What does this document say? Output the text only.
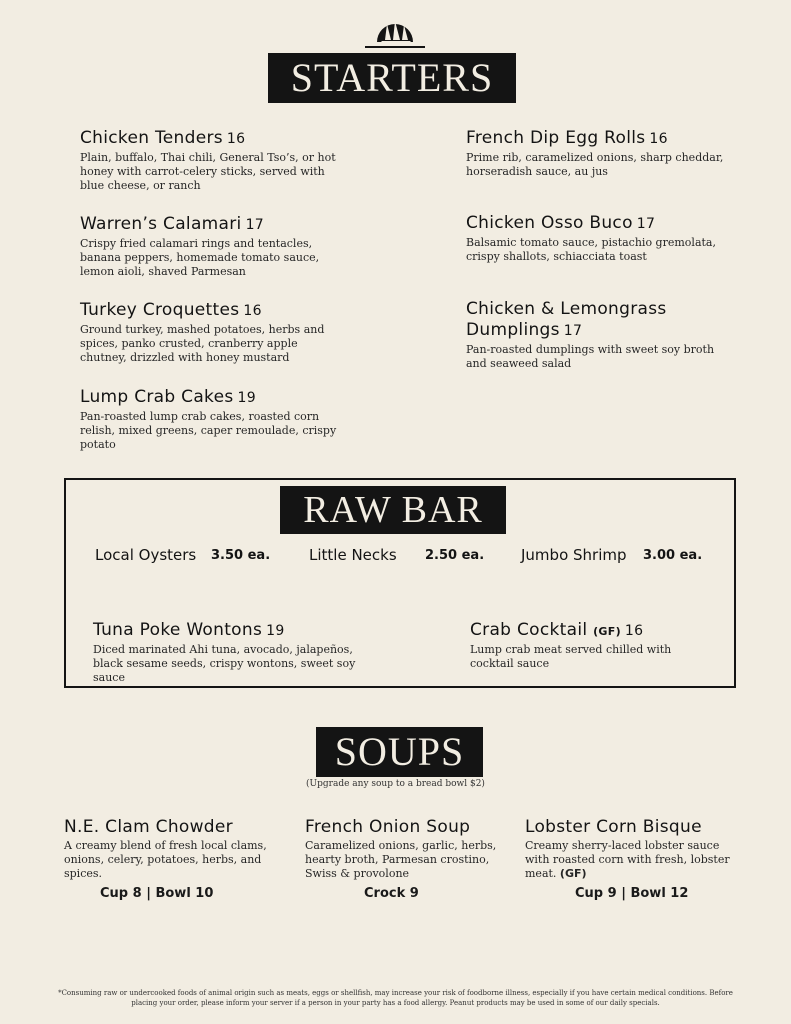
STARTERS
Chicken Tenders 16
Plain, buffalo, Thai chili, General Tso’s, or hot honey with carrot-celery sticks, served with blue cheese, or ranch
Warren’s Calamari 17
Crispy fried calamari rings and tentacles, banana peppers, homemade tomato sauce, lemon aioli, shaved Parmesan
Turkey Croquettes 16
Ground turkey, mashed potatoes, herbs and spices, panko crusted, cranberry apple chutney, drizzled with honey mustard
Lump Crab Cakes 19
Pan-roasted lump crab cakes, roasted corn relish, mixed greens, caper remoulade, crispy potato
French Dip Egg Rolls 16
Prime rib, caramelized onions, sharp cheddar, horseradish sauce, au jus
Chicken Osso Buco 17
Balsamic tomato sauce, pistachio gremolata, crispy shallots, schiacciata toast
Chicken & Lemongrass Dumplings 17
Pan-roasted dumplings with sweet soy broth and seaweed salad
RAW BAR
Local Oysters 3.50 ea.	Little Necks 2.50 ea. Jumbo Shrimp 3.00 ea.
Tuna Poke Wontons 19
Diced marinated Ahi tuna, avocado, jalapeños, black sesame seeds, crispy wontons, sweet soy sauce
Crab Cocktail (GF) 16
Lump crab meat served chilled with cocktail sauce
SOUPS
(Upgrade any soup to a bread bowl $2)
N.E. Clam Chowder
A creamy blend of fresh local clams, onions, celery, potatoes, herbs, and spices.
Cup 8 | Bowl 10
French Onion Soup
Caramelized onions, garlic, herbs, hearty broth, Parmesan crostino, Swiss & provolone
Crock 9
Lobster Corn Bisque
Creamy sherry-laced lobster sauce with roasted corn with fresh, lobster meat. (GF)
Cup 9 | Bowl 12
*Consuming raw or undercooked foods of animal origin such as meats, eggs or shellfish, may increase your risk of foodborne illness, especially if you have certain medical conditions. Before placing your order, please inform your server if a person in your party has a food allergy. Peanut products may be used in some of our daily specials.
